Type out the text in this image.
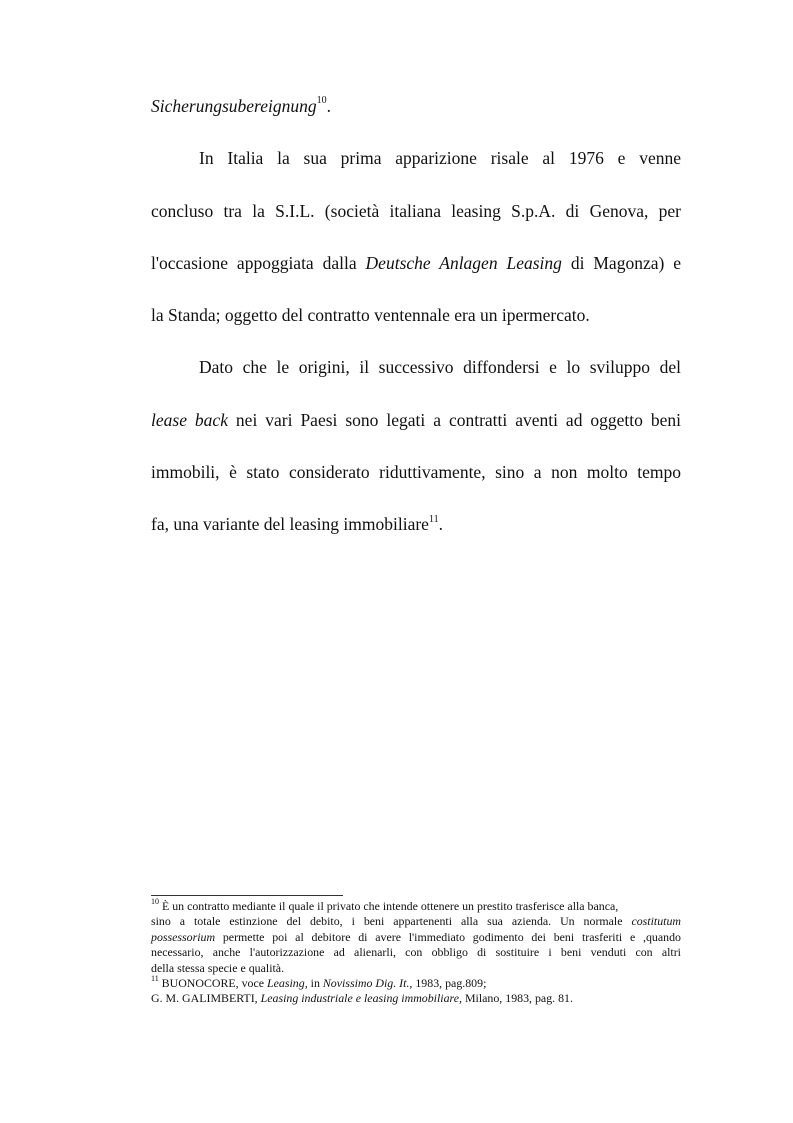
Sicherungsubereignung$^{10}$.
In Italia la sua prima apparizione risale al 1976 e venne
concluso tra la S.I.L. (società italiana leasing S.p.A. di Genova, per
l'occasione appoggiata dalla Deutsche Anlagen Leasing di Magonza) e
la Standa; oggetto del contratto ventennale era un ipermercato.
Dato che le origini, il successivo diffondersi e lo sviluppo del
lease back nei vari Paesi sono legati a contratti aventi ad oggetto beni
immobili, è stato considerato riduttivamente, sino a non molto tempo
fa, una variante del leasing immobiliare$^{11}$.
$^{10}$ È un contratto mediante il quale il privato che intende ottenere un prestito trasferisce alla banca,
sino a totale estinzione del debito, i beni appartenenti alla sua azienda. Un normale costitutum
possessorium permette poi al debitore di avere l'immediato godimento dei beni trasferiti e ,quando
necessario, anche l'autorizzazione ad alienarli, con obbligo di sostituire i beni venduti con altri
della stessa specie e qualità.
$^{11}$ BUONOCORE, voce Leasing, in Novissimo Dig. It., 1983, pag.809;
G. M. GALIMBERTI, Leasing industriale e leasing immobiliare, Milano, 1983, pag. 81.
